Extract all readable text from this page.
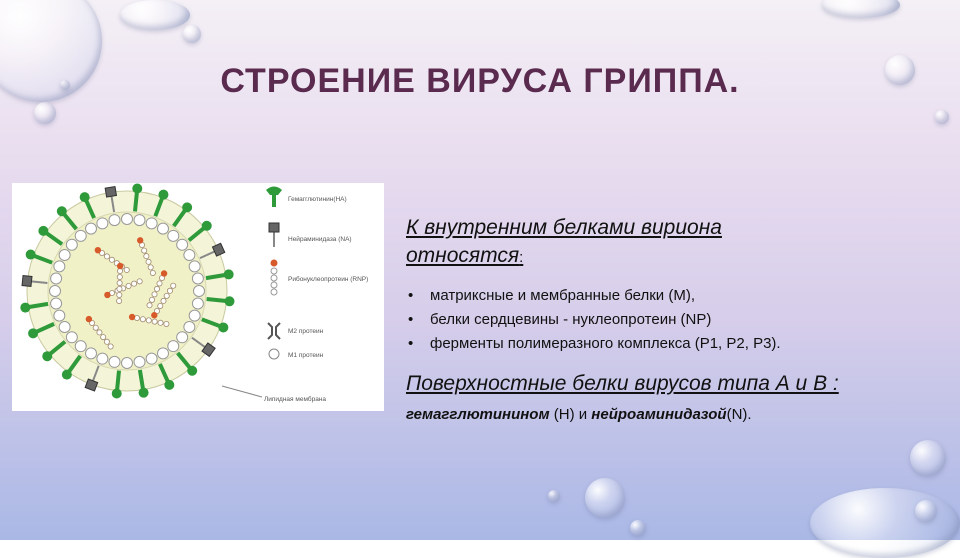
СТРОЕНИЕ ВИРУСА ГРИППА.
Гемагглютинин(НА)
Нейраминидаза (NA)
Рибонуклеопротеин (RNP)
M2 протеин
M1 протеин
Липидная мембрана

К внутренним белками вириона
относятся:

• матриксные и мембранные белки (М),
• белки сердцевины - нуклеопротеин (NP)
• ферменты полимеразного комплекса (P1, P2, P3).

Поверхностные белки вирусов типа А и В :

гемагглютинином (H) и нейроаминидазой(N).
